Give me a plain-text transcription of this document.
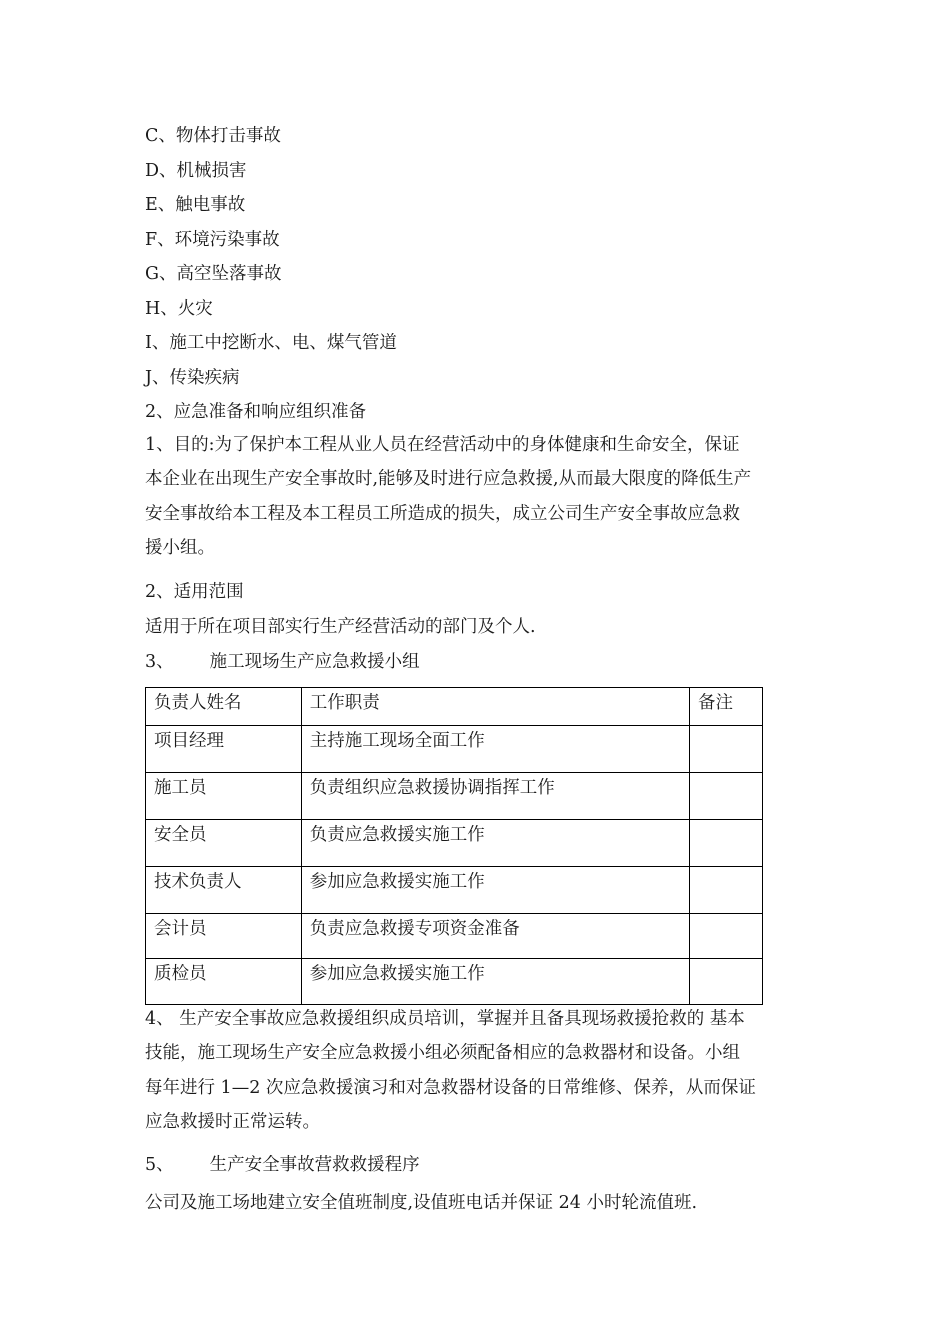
C、物体打击事故
D、机械损害
E、触电事故
F、环境污染事故
G、高空坠落事故
H、火灾
I、施工中挖断水、电、煤气管道
J、传染疾病
2、应急准备和响应组织准备
1、目的:为了保护本工程从业人员在经营活动中的身体健康和生命安全，保证
本企业在出现生产安全事故时,能够及时进行应急救援,从而最大限度的降低生产
安全事故给本工程及本工程员工所造成的损失，成立公司生产安全事故应急救
援小组。
2、适用范围
适用于所在项目部实行生产经营活动的部门及个人.
3、 施工现场生产应急救援小组
负责人姓名	工作职责	备注
项目经理	主持施工现场全面工作	
施工员	负责组织应急救援协调指挥工作	
安全员	负责应急救援实施工作	
技术负责人	参加应急救援实施工作	
会计员	负责应急救援专项资金准备	
质检员	参加应急救援实施工作	
4、 生产安全事故应急救援组织成员培训，掌握并且备具现场救援抢救的 基本
技能，施工现场生产安全应急救援小组必须配备相应的急救器材和设备。小组
每年进行 1—2 次应急救援演习和对急救器材设备的日常维修、保养，从而保证
应急救援时正常运转。
5、 生产安全事故营救救援程序
公司及施工场地建立安全值班制度,设值班电话并保证 24 小时轮流值班.
